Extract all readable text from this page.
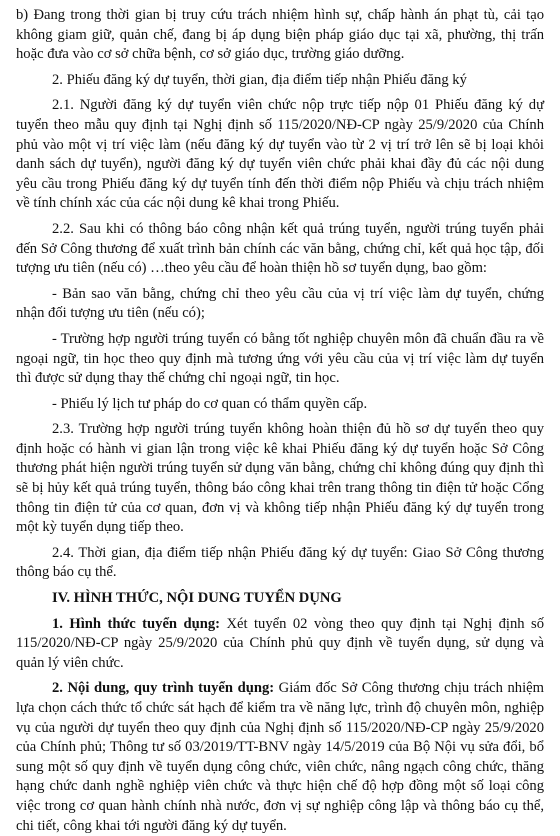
b) Đang trong thời gian bị truy cứu trách nhiệm hình sự, chấp hành án phạt tù, cải tạo không giam giữ, quản chế, đang bị áp dụng biện pháp giáo dục tại xã, phường, thị trấn hoặc đưa vào cơ sở chữa bệnh, cơ sở giáo dục, trường giáo dưỡng.

2. Phiếu đăng ký dự tuyển, thời gian, địa điểm tiếp nhận Phiếu đăng ký

2.1. Người đăng ký dự tuyển viên chức nộp trực tiếp nộp 01 Phiếu đăng ký dự tuyển theo mẫu quy định tại Nghị định số 115/2020/NĐ-CP ngày 25/9/2020 của Chính phủ vào một vị trí việc làm (nếu đăng ký dự tuyển vào từ 2 vị trí trở lên sẽ bị loại khỏi danh sách dự tuyển), người đăng ký dự tuyển viên chức phải khai đầy đủ các nội dung yêu cầu trong Phiếu đăng ký dự tuyển tính đến thời điểm nộp Phiếu và chịu trách nhiệm về tính chính xác của các nội dung kê khai trong Phiếu.

2.2. Sau khi có thông báo công nhận kết quả trúng tuyển, người trúng tuyển phải đến Sở Công thương để xuất trình bản chính các văn bằng, chứng chỉ, kết quả học tập, đối tượng ưu tiên (nếu có) …theo yêu cầu để hoàn thiện hồ sơ tuyển dụng, bao gồm:

- Bản sao văn bằng, chứng chỉ theo yêu cầu của vị trí việc làm dự tuyển, chứng nhận đối tượng ưu tiên (nếu có);

- Trường hợp người trúng tuyển có bằng tốt nghiệp chuyên môn đã chuẩn đầu ra về ngoại ngữ, tin học theo quy định mà tương ứng với yêu cầu của vị trí việc làm dự tuyển thì được sử dụng thay thế chứng chỉ ngoại ngữ, tin học.

- Phiếu lý lịch tư pháp do cơ quan có thẩm quyền cấp.

2.3. Trường hợp người trúng tuyển không hoàn thiện đủ hồ sơ dự tuyển theo quy định hoặc có hành vi gian lận trong việc kê khai Phiếu đăng ký dự tuyển hoặc Sở Công thương phát hiện người trúng tuyển sử dụng văn bằng, chứng chỉ không đúng quy định thì sẽ bị hủy kết quả trúng tuyển, thông báo công khai trên trang thông tin điện tử hoặc Cổng thông tin điện tử của cơ quan, đơn vị và không tiếp nhận Phiếu đăng ký dự tuyển trong một kỳ tuyển dụng tiếp theo.

2.4. Thời gian, địa điểm tiếp nhận Phiếu đăng ký dự tuyển: Giao Sở Công thương thông báo cụ thể.

IV. HÌNH THỨC, NỘI DUNG TUYỂN DỤNG

1. Hình thức tuyển dụng: Xét tuyển 02 vòng theo quy định tại Nghị định số 115/2020/NĐ-CP ngày 25/9/2020 của Chính phủ quy định về tuyển dụng, sử dụng và quản lý viên chức.

2. Nội dung, quy trình tuyển dụng: Giám đốc Sở Công thương chịu trách nhiệm lựa chọn cách thức tổ chức sát hạch để kiểm tra về năng lực, trình độ chuyên môn, nghiệp vụ của người dự tuyển theo quy định của Nghị định số 115/2020/NĐ-CP ngày 25/9/2020 của Chính phủ; Thông tư số 03/2019/TT-BNV ngày 14/5/2019 của Bộ Nội vụ sửa đổi, bổ sung một số quy định về tuyển dụng công chức, viên chức, nâng ngạch công chức, thăng hạng chức danh nghề nghiệp viên chức và thực hiện chế độ hợp đồng một số loại công việc trong cơ quan hành chính nhà nước, đơn vị sự nghiệp công lập và thông báo cụ thể, chi tiết, công khai tới người đăng ký dự tuyển.
